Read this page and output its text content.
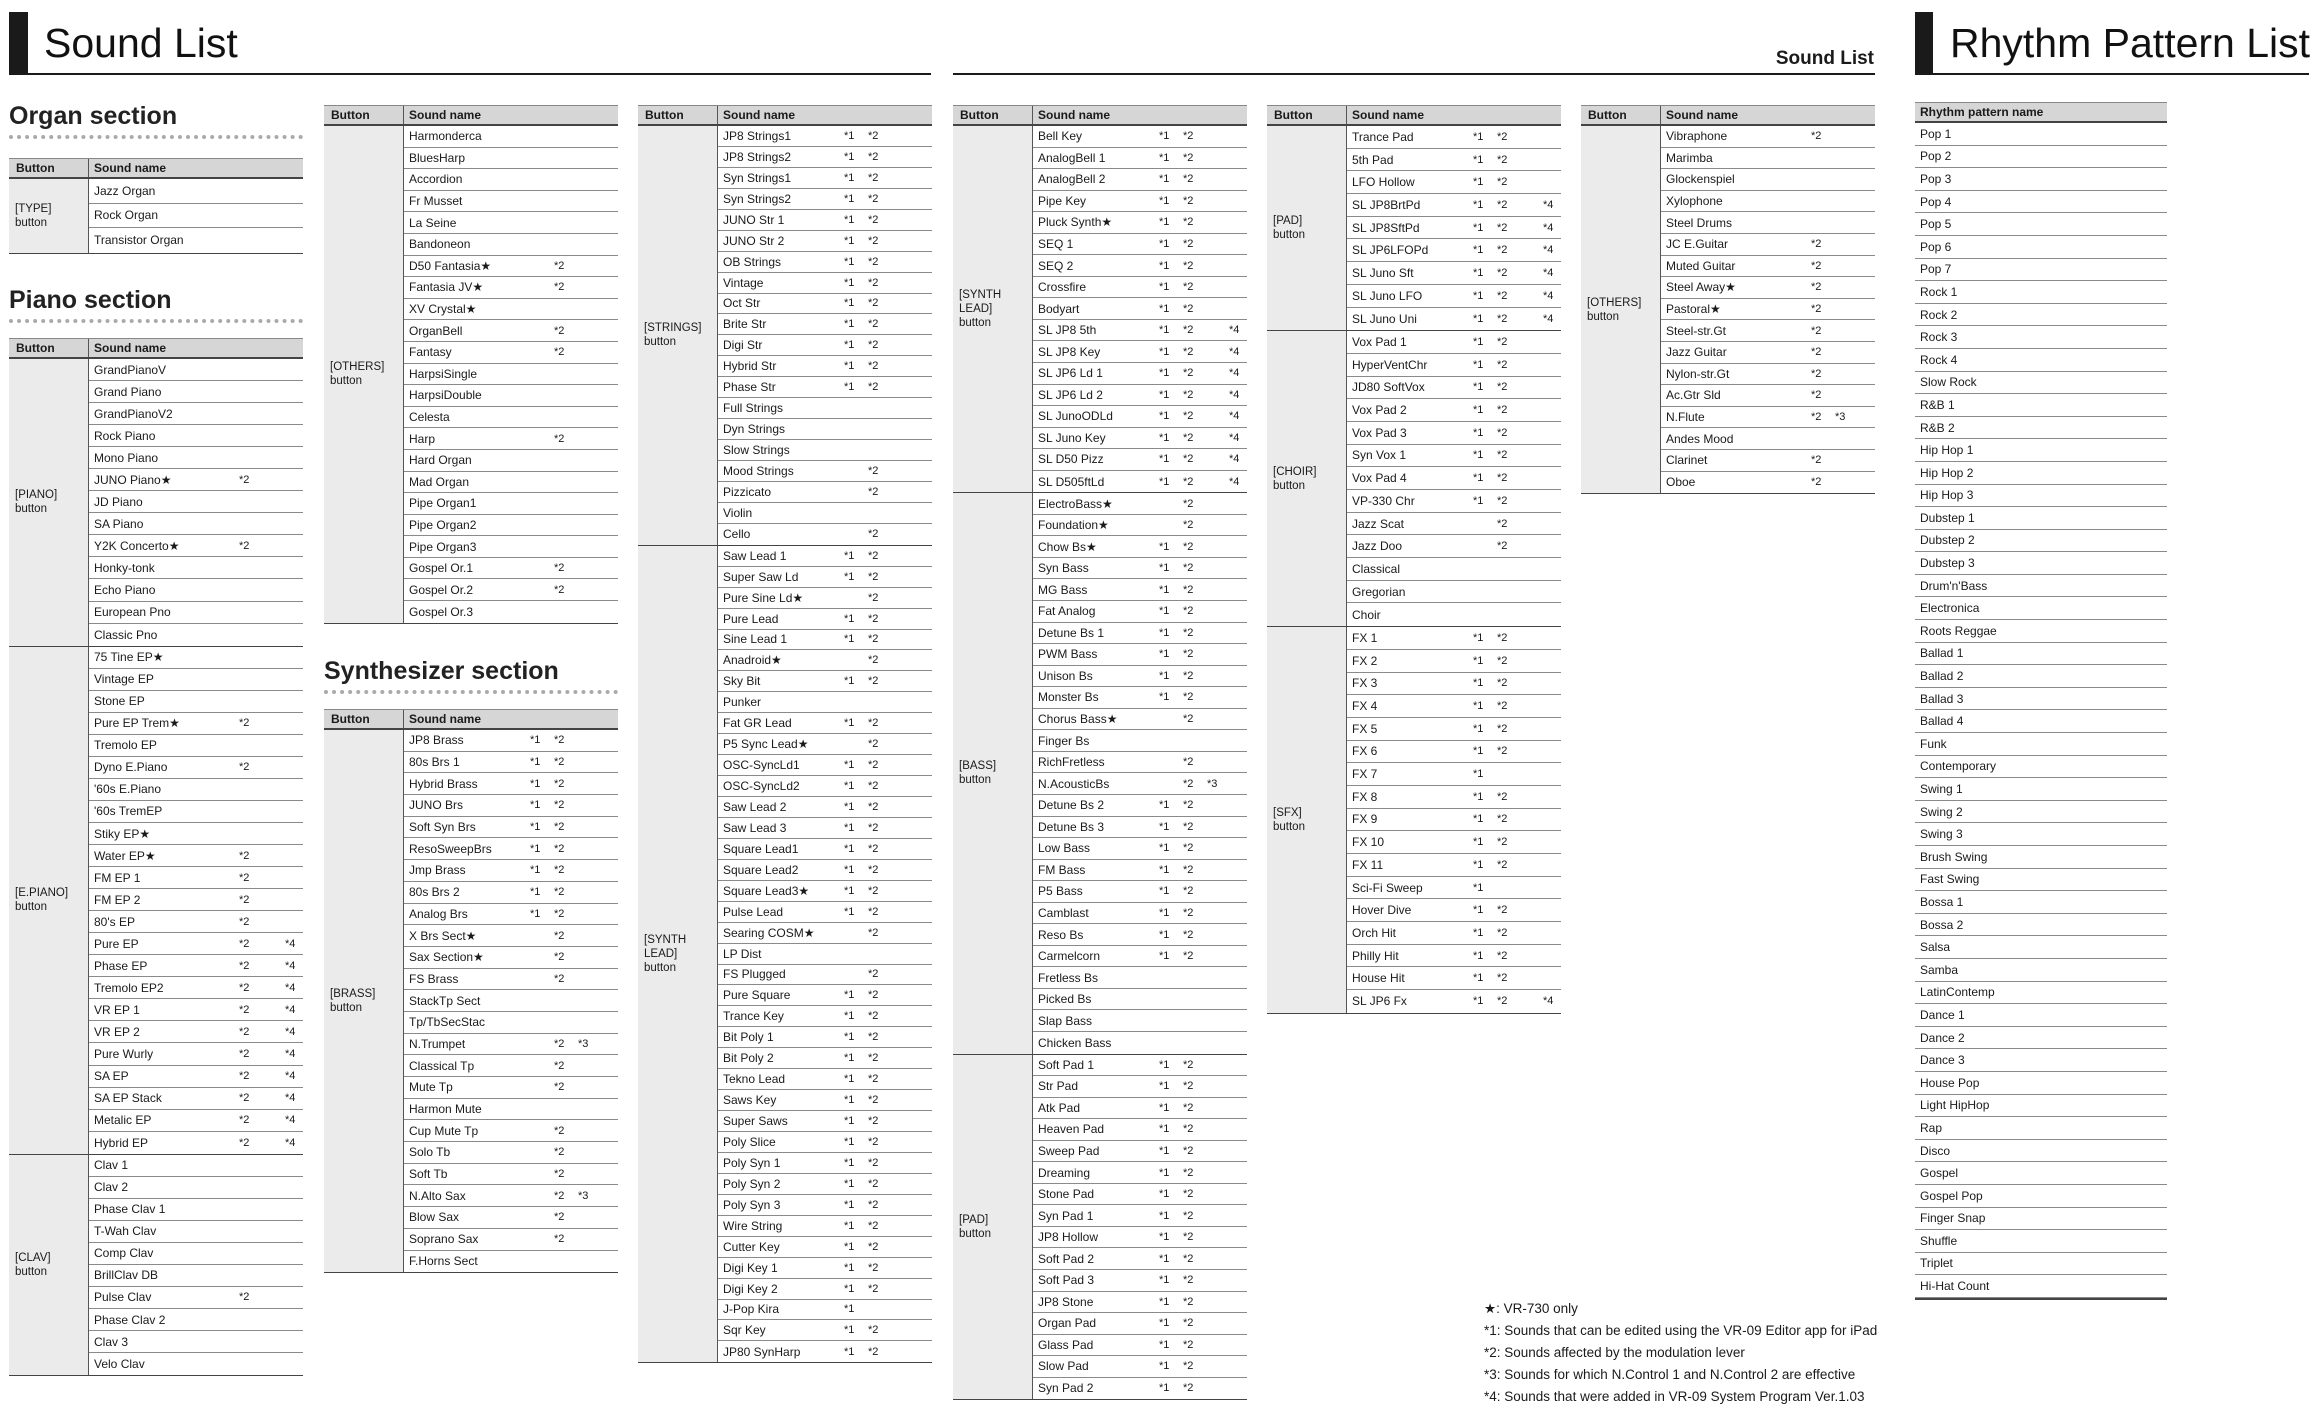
Sound List	Sound List Rhythm Pattern List
Organ section
Piano section
Synthesizer section
Button	Sound name
[TYPE]
button
Jazz Organ
Rock Organ
Transistor Organ
Button	Sound name
[PIANO]
button
GrandPianoV
Grand Piano
GrandPianoV2
Rock Piano
Mono Piano
JUNO Piano★	*2
JD Piano
SA Piano
Y2K Concerto★	*2
Honky-tonk
Echo Piano
European Pno
Classic Pno
[E.PIANO]
button
75 Tine EP★
Vintage EP
Stone EP
Pure EP Trem★	*2
Tremolo EP
Dyno E.Piano	*2
'60s E.Piano
'60s TremEP
Stiky EP★
Water EP★	*2
FM EP 1	*2
FM EP 2	*2
80's EP	*2
Pure EP	*2	*4
Phase EP	*2	*4
Tremolo EP2	*2	*4
VR EP 1	*2	*4
VR EP 2	*2	*4
Pure Wurly	*2	*4
SA EP	*2	*4
SA EP Stack	*2	*4
Metalic EP	*2	*4
Hybrid EP	*2	*4
[CLAV]
button
Clav 1
Clav 2
Phase Clav 1
T-Wah Clav
Comp Clav
BrillClav DB
Pulse Clav	*2
Phase Clav 2
Clav 3
Velo Clav
Button	Sound name
[OTHERS]
button
Harmonderca
BluesHarp
Accordion
Fr Musset
La Seine
Bandoneon
D50 Fantasia★	*2
Fantasia JV★	*2
XV Crystal★
OrganBell	*2
Fantasy	*2
HarpsiSingle
HarpsiDouble
Celesta
Harp	*2
Hard Organ
Mad Organ
Pipe Organ1
Pipe Organ2
Pipe Organ3
Gospel Or.1	*2
Gospel Or.2	*2
Gospel Or.3
Button	Sound name
[BRASS]
button
JP8 Brass	*1 *2
80s Brs 1	*1 *2
Hybrid Brass	*1 *2
JUNO Brs	*1 *2
Soft Syn Brs	*1 *2
ResoSweepBrs	*1 *2
Jmp Brass	*1 *2
80s Brs 2	*1 *2
Analog Brs	*1 *2
X Brs Sect★	*2
Sax Section★	*2
FS Brass	*2
StackTp Sect
Tp/TbSecStac
N.Trumpet	*2 *3
Classical Tp	*2
Mute Tp	*2
Harmon Mute
Cup Mute Tp	*2
Solo Tb	*2
Soft Tb	*2
N.Alto Sax	*2 *3
Blow Sax	*2
Soprano Sax	*2
F.Horns Sect
Button	Sound name
[STRINGS]
button
JP8 Strings1	*1 *2
JP8 Strings2	*1 *2
Syn Strings1	*1 *2
Syn Strings2	*1 *2
JUNO Str 1	*1 *2
JUNO Str 2	*1 *2
OB Strings	*1 *2
Vintage	*1 *2
Oct Str	*1 *2
Brite Str	*1 *2
Digi Str	*1 *2
Hybrid Str	*1 *2
Phase Str	*1 *2
Full Strings
Dyn Strings
Slow Strings
Mood Strings	*2
Pizzicato	*2
Violin
Cello	*2
[SYNTH
LEAD]
button
Saw Lead 1	*1 *2
Super Saw Ld	*1 *2
Pure Sine Ld★	*2
Pure Lead	*1 *2
Sine Lead 1	*1 *2
Anadroid★	*2
Sky Bit	*1 *2
Punker
Fat GR Lead	*1 *2
P5 Sync Lead★	*2
OSC-SyncLd1	*1 *2
OSC-SyncLd2	*1 *2
Saw Lead 2	*1 *2
Saw Lead 3	*1 *2
Square Lead1	*1 *2
Square Lead2	*1 *2
Square Lead3★	*1 *2
Pulse Lead	*1 *2
Searing COSM★	*2
LP Dist
FS Plugged	*2
Pure Square	*1 *2
Trance Key	*1 *2
Bit Poly 1	*1 *2
Bit Poly 2	*1 *2
Tekno Lead	*1 *2
Saws Key	*1 *2
Super Saws	*1 *2
Poly Slice	*1 *2
Poly Syn 1	*1 *2
Poly Syn 2	*1 *2
Poly Syn 3	*1 *2
Wire String	*1 *2
Cutter Key	*1 *2
Digi Key 1	*1 *2
Digi Key 2	*1 *2
J-Pop Kira	*1
Sqr Key	*1 *2
JP80 SynHarp	*1 *2
Button	Sound name
[SYNTH
LEAD]
button
Bell Key	*1 *2
AnalogBell 1	*1 *2
AnalogBell 2	*1 *2
Pipe Key	*1 *2
Pluck Synth★	*1 *2
SEQ 1	*1 *2
SEQ 2	*1 *2
Crossfire	*1 *2
Bodyart	*1 *2
SL JP8 5th	*1 *2	*4
SL JP8 Key	*1 *2	*4
SL JP6 Ld 1	*1 *2	*4
SL JP6 Ld 2	*1 *2	*4
SL JunoODLd	*1 *2	*4
SL Juno Key	*1 *2	*4
SL D50 Pizz	*1 *2	*4
SL D505ftLd	*1 *2	*4
[BASS]
button
ElectroBass★	*2
Foundation★	*2
Chow Bs★	*1 *2
Syn Bass	*1 *2
MG Bass	*1 *2
Fat Analog	*1 *2
Detune Bs 1	*1 *2
PWM Bass	*1 *2
Unison Bs	*1 *2
Monster Bs	*1 *2
Chorus Bass★	*2
Finger Bs
RichFretless	*2
N.AcousticBs	*2 *3
Detune Bs 2	*1 *2
Detune Bs 3	*1 *2
Low Bass	*1 *2
FM Bass	*1 *2
P5 Bass	*1 *2
Camblast	*1 *2
Reso Bs	*1 *2
Carmelcorn	*1 *2
Fretless Bs
Picked Bs
Slap Bass
Chicken Bass
[PAD]
button
Soft Pad 1	*1 *2
Str Pad	*1 *2
Atk Pad	*1 *2
Heaven Pad	*1 *2
Sweep Pad	*1 *2
Dreaming	*1 *2
Stone Pad	*1 *2
Syn Pad 1	*1 *2
JP8 Hollow	*1 *2
Soft Pad 2	*1 *2
Soft Pad 3	*1 *2
JP8 Stone	*1 *2
Organ Pad	*1 *2
Glass Pad	*1 *2
Slow Pad	*1 *2
Syn Pad 2	*1 *2
Button	Sound name
[PAD]
button
Trance Pad	*1 *2
5th Pad	*1 *2
LFO Hollow	*1 *2
SL JP8BrtPd	*1 *2	*4
SL JP8SftPd	*1 *2	*4
SL JP6LFOPd	*1 *2	*4
SL Juno Sft	*1 *2	*4
SL Juno LFO	*1 *2	*4
SL Juno Uni	*1 *2	*4
[CHOIR]
button
Vox Pad 1	*1 *2
HyperVentChr	*1 *2
JD80 SoftVox	*1 *2
Vox Pad 2	*1 *2
Vox Pad 3	*1 *2
Syn Vox 1	*1 *2
Vox Pad 4	*1 *2
VP-330 Chr	*1 *2
Jazz Scat	*2
Jazz Doo	*2
Classical
Gregorian
Choir
[SFX]
button
FX 1	*1 *2
FX 2	*1 *2
FX 3	*1 *2
FX 4	*1 *2
FX 5	*1 *2
FX 6	*1 *2
FX 7	*1
FX 8	*1 *2
FX 9	*1 *2
FX 10	*1 *2
FX 11	*1 *2
Sci-Fi Sweep	*1
Hover Dive	*1 *2
Orch Hit	*1 *2
Philly Hit	*1 *2
House Hit	*1 *2
SL JP6 Fx	*1 *2	*4
Button	Sound name
[OTHERS]
button
Vibraphone	*2
Marimba
Glockenspiel
Xylophone
Steel Drums
JC E.Guitar	*2
Muted Guitar	*2
Steel Away★	*2
Pastoral★	*2
Steel-str.Gt	*2
Jazz Guitar	*2
Nylon-str.Gt	*2
Ac.Gtr Sld	*2
N.Flute	*2 *3
Andes Mood
Clarinet	*2
Oboe	*2
Rhythm pattern name
Pop 1
Pop 2
Pop 3
Pop 4
Pop 5
Pop 6
Pop 7
Rock 1
Rock 2
Rock 3
Rock 4
Slow Rock
R&B 1
R&B 2
Hip Hop 1
Hip Hop 2
Hip Hop 3
Dubstep 1
Dubstep 2
Dubstep 3
Drum'n'Bass
Electronica
Roots Reggae
Ballad 1
Ballad 2
Ballad 3
Ballad 4
Funk
Contemporary
Swing 1
Swing 2
Swing 3
Brush Swing
Fast Swing
Bossa 1
Bossa 2
Salsa
Samba
LatinContemp
Dance 1
Dance 2
Dance 3
House Pop
Light HipHop
Rap
Disco
Gospel
Gospel Pop
Finger Snap
Shuffle
Triplet
Hi-Hat Count
★: VR-730 only
*1: Sounds that can be edited using the VR-09 Editor app for iPad
*2: Sounds affected by the modulation lever
*3: Sounds for which N.Control 1 and N.Control 2 are effective
*4: Sounds that were added in VR-09 System Program Ver.1.03
